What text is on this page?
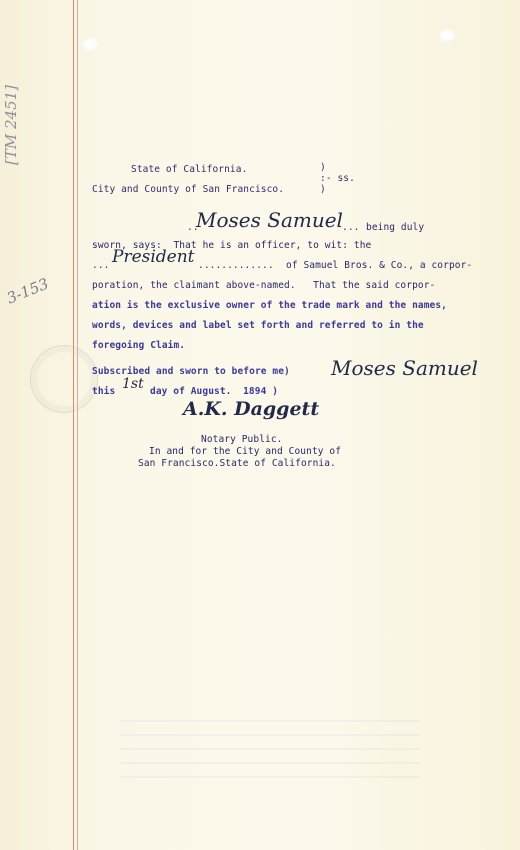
[TM 2451]
3-153
State of California.	)
:- ss.
City and County of San Francisco.	)
..
Moses Samuel ... being duly
sworn, says:  That he is an officer, to wit: the
... President ............. of Samuel Bros. & Co., a corpor-
poration, the claimant above-named.   That the said corpor-
ation is the exclusive owner of the trade mark and the names,
words, devices and label set forth and referred to in the
foregoing Claim.
Subscribed and sworn to before me)
this 1st day of August.  1894 )
Moses Samuel
A.K. Daggett
Notary Public.
In and for the City and County of
San Francisco.State of California.
